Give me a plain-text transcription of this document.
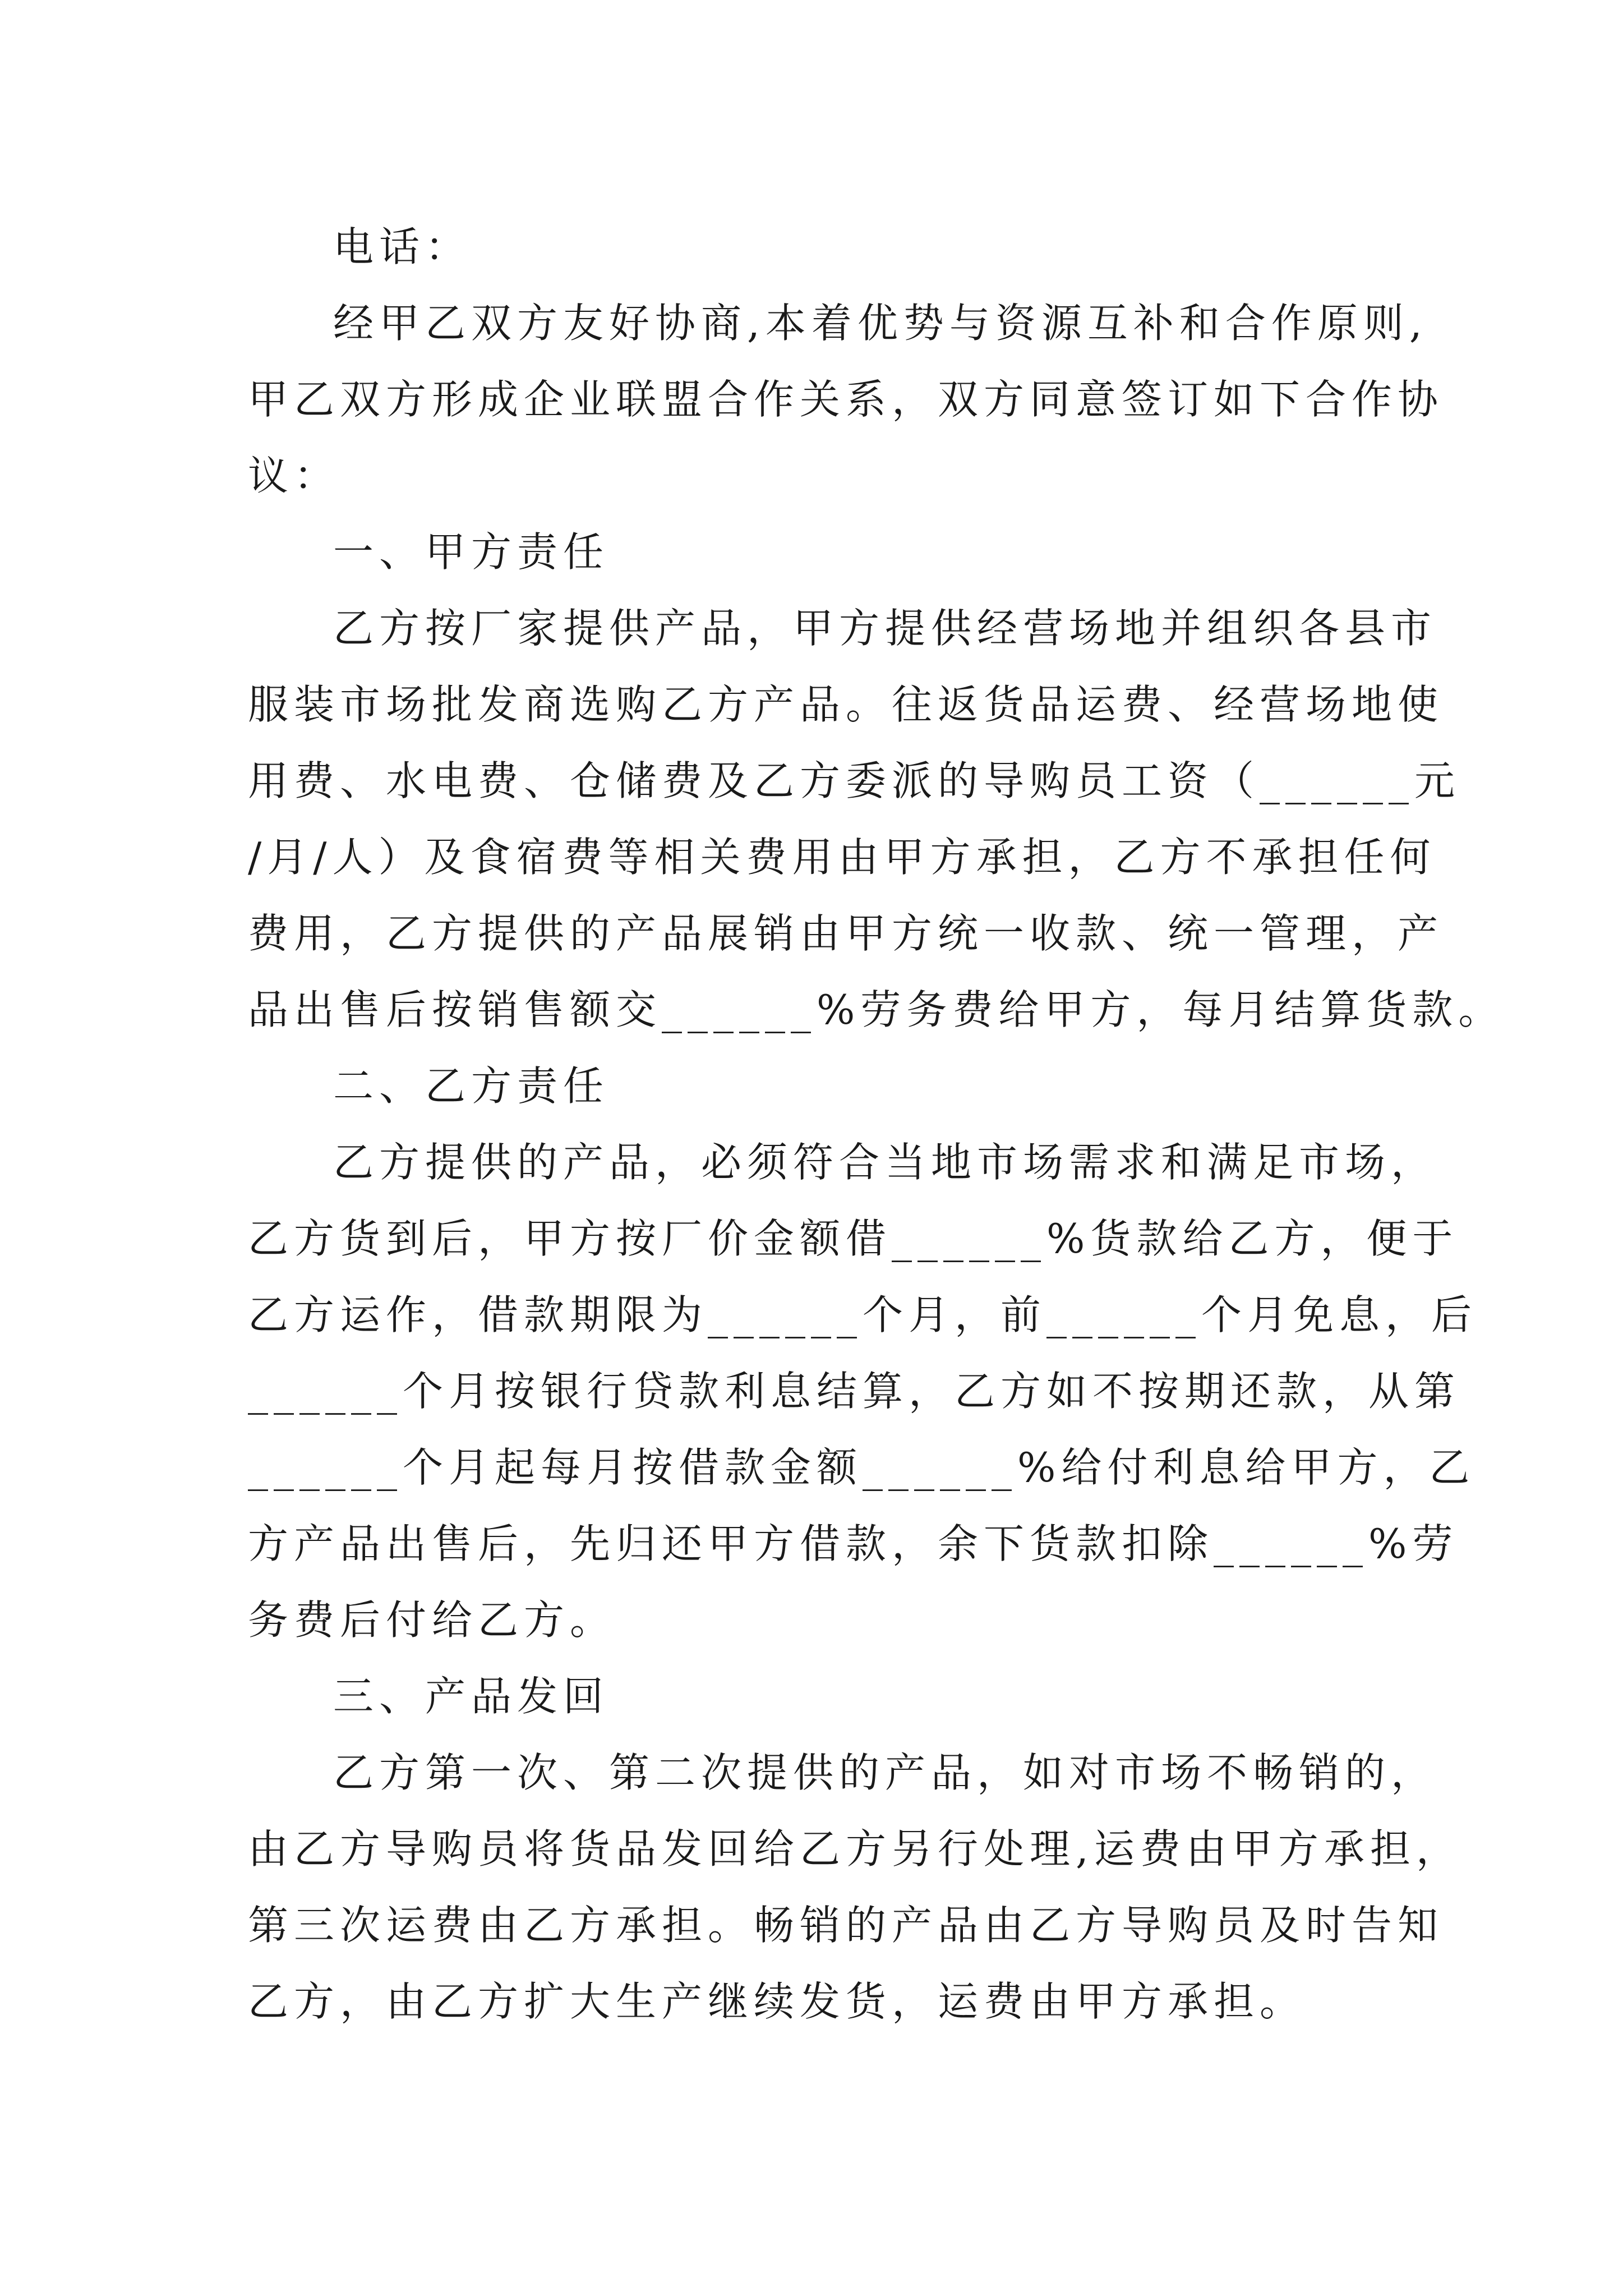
电话：
经甲乙双方友好协商,本着优势与资源互补和合作原则,
甲乙双方形成企业联盟合作关系，双方同意签订如下合作协
议：
一、甲方责任
乙方按厂家提供产品，甲方提供经营场地并组织各县市
服装市场批发商选购乙方产品。往返货品运费、经营场地使
用费、水电费、仓储费及乙方委派的导购员工资（______元
/月/人）及食宿费等相关费用由甲方承担，乙方不承担任何
费用，乙方提供的产品展销由甲方统一收款、统一管理，产
品出售后按销售额交______%劳务费给甲方，每月结算货款。
二、乙方责任
乙方提供的产品，必须符合当地市场需求和满足市场，
乙方货到后，甲方按厂价金额借______%货款给乙方，便于
乙方运作，借款期限为______个月，前______个月免息，后
______个月按银行贷款利息结算，乙方如不按期还款，从第
______个月起每月按借款金额______%给付利息给甲方，乙
方产品出售后，先归还甲方借款，余下货款扣除______%劳
务费后付给乙方。
三、产品发回
乙方第一次、第二次提供的产品，如对市场不畅销的，
由乙方导购员将货品发回给乙方另行处理,运费由甲方承担，
第三次运费由乙方承担。畅销的产品由乙方导购员及时告知
乙方，由乙方扩大生产继续发货，运费由甲方承担。
